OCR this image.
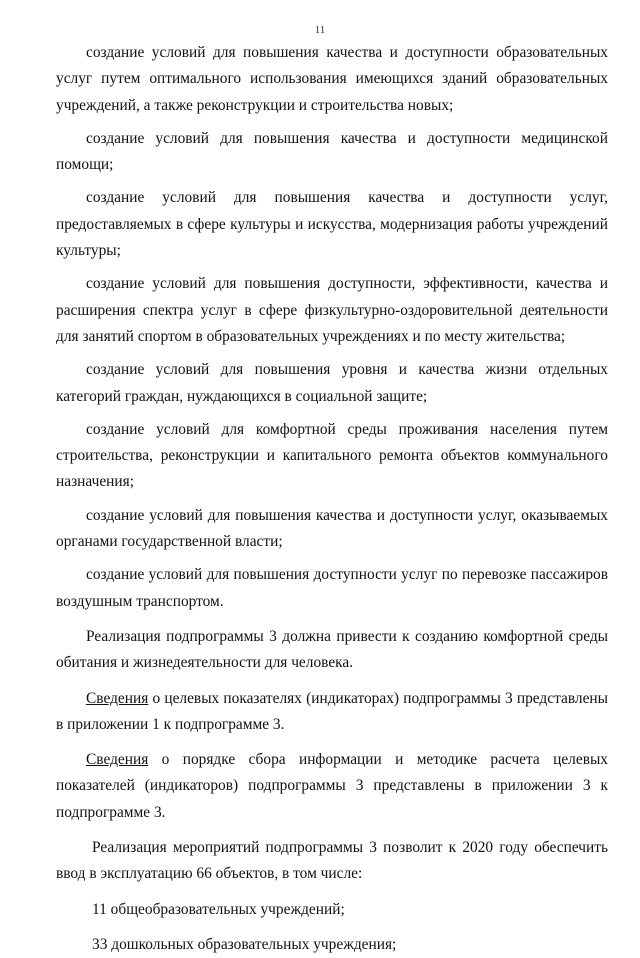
11

создание условий для повышения качества и доступности образовательных услуг путем оптимального использования имеющихся зданий образовательных учреждений, а также реконструкции и строительства новых;

создание условий для повышения качества и доступности медицинской помощи;

создание условий для повышения качества и доступности услуг, предоставляемых в сфере культуры и искусства, модернизация работы учреждений культуры;

создание условий для повышения доступности, эффективности, качества и расширения спектра услуг в сфере физкультурно-оздоровительной деятельности для занятий спортом в образовательных учреждениях и по месту жительства;

создание условий для повышения уровня и качества жизни отдельных категорий граждан, нуждающихся в социальной защите;

создание условий для комфортной среды проживания населения путем строительства, реконструкции и капитального ремонта объектов коммунального назначения;

создание условий для повышения качества и доступности услуг, оказываемых органами государственной власти;

создание условий для повышения доступности услуг по перевозке пассажиров воздушным транспортом.

Реализация подпрограммы 3 должна привести к созданию комфортной среды обитания и жизнедеятельности для человека.

Сведения о целевых показателях (индикаторах) подпрограммы 3 представлены в приложении 1 к подпрограмме 3.

Сведения о порядке сбора информации и методике расчета целевых показателей (индикаторов) подпрограммы 3 представлены в приложении 3 к подпрограмме 3.

Реализация мероприятий подпрограммы 3 позволит к 2020 году обеспечить ввод в эксплуатацию 66 объектов, в том числе:

11 общеобразовательных учреждений;

33 дошкольных образовательных учреждения;
